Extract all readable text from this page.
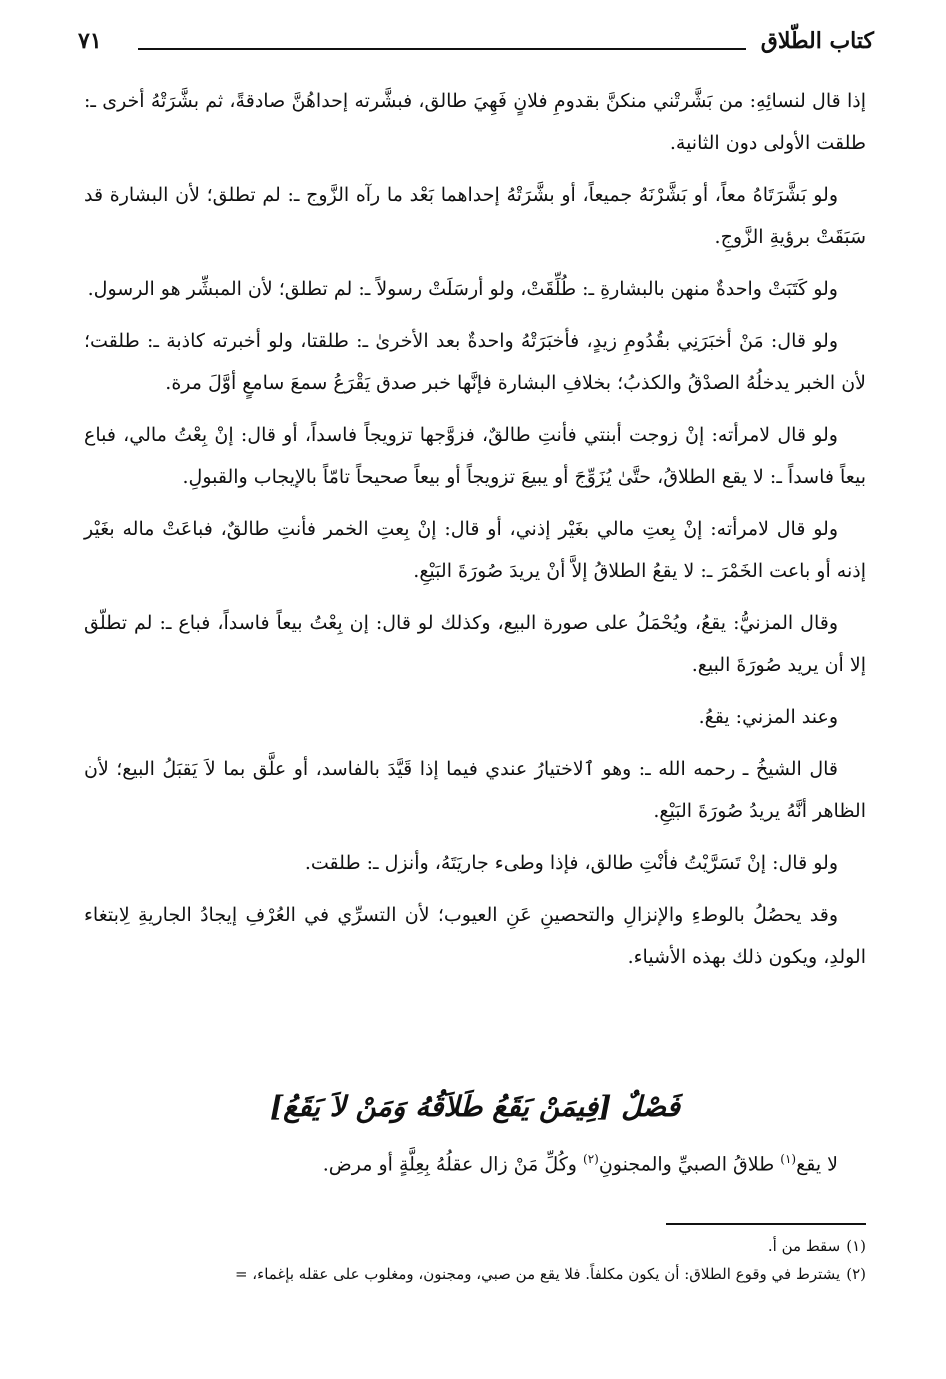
كتاب الطّلاق
٧١

إذا قال لنسائِهِ: من بَشَّرتْني منكنَّ بقدومِ فلانٍ فَهِيَ طالق، فبشَّرته إحداهُنَّ صادقةً، ثم بشَّرَتْهُ أخرى ـ: طلقت الأولى دون الثانية.

ولو بَشَّرَتَاهُ معاً، أو بَشَّرْنَهُ جميعاً، أو بشَّرَتْهُ إحداهما بَعْد ما رآه الزَّوج ـ: لم تطلق؛ لأن البشارة قد سَبَقَتْ برؤيةِ الزَّوجِ.

ولو كَتَبَتْ واحدةٌ منهن بالبشارةِ ـ: طُلِّقَتْ، ولو أرسَلَتْ رسولاً ـ: لم تطلق؛ لأن المبشِّر هو الرسول.

ولو قال: مَنْ أخبَرَنِي بقُدُومِ زيدٍ، فأخبَرَتْهُ واحدةٌ بعد الأخرىٰ ـ: طلقتا، ولو أخبرته كاذبة ـ: طلقت؛ لأن الخبر يدخلُهُ الصدْقُ والكذبُ؛ بخلافِ البشارة فإنَّها خبر صدق يَقْرَعُ سمعَ سامعٍ أوَّلَ مرة.

ولو قال لامرأته: إنْ زوجت أبنتي فأنتِ طالقٌ، فزوَّجها تزويجاً فاسداً، أو قال: إنْ بِعْتُ مالي، فباع بيعاً فاسداً ـ: لا يقع الطلاقُ، حتَّىٰ يُزَوِّجَ أو يبيعَ تزويجاً أو بيعاً صحيحاً تامّاً بالإيجاب والقبولِ.

ولو قال لامرأته: إنْ بِعتِ مالي بغَيْر إذني، أو قال: إنْ بِعتِ الخمر فأنتِ طالقٌ، فباعَتْ ماله بغَيْر إذنه أو باعت الخَمْرَ ـ: لا يقعُ الطلاقُ إلاَّ أنْ يريدَ صُورَةَ البَيْعِ.

وقال المزنيُّ: يقعُ، ويُحْمَلُ على صورة البيع، وكذلك لو قال: إن بِعْتُ بيعاً فاسداً، فباع ـ: لم تطلّق إلا أن يريد صُورَةَ البيع.

وعند المزني: يقعُ.

قال الشيخُ ـ رحمه الله ـ: وهو ٱلاختيارُ عندي فيما إذا قَيَّدَ بالفاسد، أو علَّق بما لاَ يَقبَلُ البيع؛ لأن الظاهر أنَّهُ يريدُ صُورَةَ البَيْعِ.

ولو قال: إنْ تَسَرَّيْتُ فأنْتِ طالق، فإذا وطىء جاريَتَهُ، وأنزل ـ: طلقت.

وقد يحصُلُ بالوطءِ والإنزالِ والتحصينِ عَنِ العيوب؛ لأن التسرِّي في العُرْفِ إيجادُ الجاريةِ لِابتغاء الولدِ، ويكون ذلك بهذه الأشياء.

فَصْلٌ [فِيمَنْ يَقَعُ طَلاَقُهُ وَمَنْ لاَ يَقَعُ]
لا يقع$^{(١)}$ طلاقُ الصبيِّ والمجنونِ$^{(٢)}$ وكُلِّ مَنْ زال عقلُهُ بِعِلَّةٍ أو مرض.

(١)سقط من أ.

(٢)يشترط في وقوع الطلاق: أن يكون مكلفاً. فلا يقع من صبي، ومجنون، ومغلوب على عقله بإغماء، =
